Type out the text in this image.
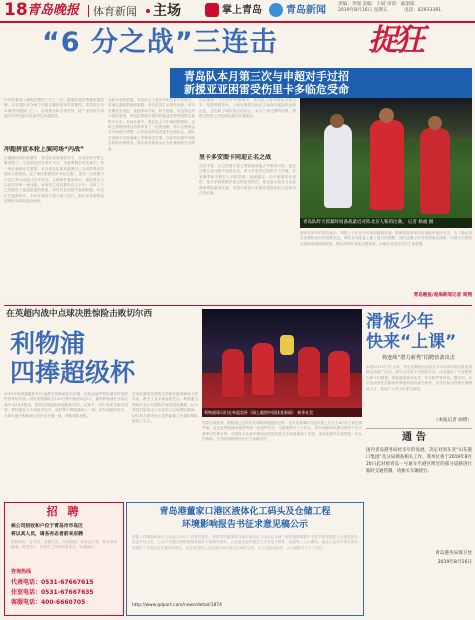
18 青岛晚报 体育新闻 主场	掌上青岛 青岛新闻
责编：李强 美编：王斌 审读：戚朋商
2019年8月16日 星期五	电话：82933391
“6 分之战”三连击	捉狂
青岛队本月第三次与申超对手过招
新援亚亚困雷受伤里卡多临危受命
青岛队昨天抓紧时间备战最近对阵北京人和的比赛。 记者 杨福 摄
中甲联赛进入赛程后期的三分之一后，联赛冲超形势越来越清晰，多支球队争夺两个冲超名额的竞争异常激烈。青岛队作为本赛季冲超热门之一，目前排名积分榜前列，接下来连续与申超对手的同组对抗将决定冲超前景。
冲超拼宣本轮上演同场“内战”
在刚刚结束的联赛中，青岛队客场战胜对手，目前在积分榜上暂列第三，与前两名的分差并不大，本赛季剩余的比赛中，每一场比赛都至关重要。本月青岛队要连续面对三支同样具有冲超实力的球队，这三场比赛被视为“6分之战”，因为一旦获胜不仅自己拿分还能让对手丢分。主教练在赛前表示，球队要全力以赴打好每一场比赛，争取把主动权握在自己手中。全队上下已经做好了迎接挑战的准备，球员们在训练中表现积极，状态正在逐渐回升。本轮比赛将于周六晚上进行，俱乐部希望球迷到现场为球队加油助威。
从积分形势来看，青岛队与上轮对手的分差只有两分，本场比赛如果能够取胜，青岛队将扩大领先优势。对手近期状态出色，连续多场不败，防守稳固，攻击线也有不俗的表现。青岛队需要在保持阵地战优势的同时注意防守反击。本场比赛中，青岛队主力中场因伤缺阵，这给主教练的排兵布阵带来了一定的困难，预计主教练会对中场进行调整，让年轻球员获得更多出场机会。球队在训练中已经演练了多种战术方案，以应对比赛中可能出现的各种情况。俱乐部方面表示会为比赛做好充分准备。
应在赛前三个月的中甲联赛中，青岛队与前列球队分别交手，结果有胜有负。上轮比赛青岛队在主场面对强敌时表现出色，这也给了球队很大的信心。本月三场比赛的结果，将很大程度上决定球队能否冲超成功。
里卡多安图卡同迎正名之战
从技术看，后卫安图卡是主教练赛前重点考察的对象，他在近期几场比赛中表现出色，里卡多是青岛队的主力外援，在本赛季前半程打入多粒进球，表现稳定。由于新援亚亚受伤，里卡多将被赋予更大的进攻责任，他也表示将全力以赴帮助球队赢得比赛。安图卡和里卡多都希望借此机会证明自己的价值。
德甲名单中的球员表示，球队上下正在为比赛积极做准备。教练组要求球员在训练中保持专注，为了能让球员们保持良好的竞技状态，球队在训练量上做了适当的调整，同时加强了针对性的战术演练。比赛当天将有大批球迷到现场观战，俱乐部呼吁球迷文明观赛，为球队营造良好的主场氛围。
青岛晚报/观海新闻记者 周翔
在英超内战中点球决胜惊险击败切尔西
利物浦
四捧超级杯
2019年欧洲超级杯15日凌晨在伊斯坦布尔打响，由欧冠冠军利物浦对阵欧联杯冠军切尔西。两支英超球队在120分钟内战成2比2平，最终利物浦在点球大战中以5比4胜出，第四次捧起欧洲超级杯奖杯。比赛中，切尔西率先取得进球，利物浦在下半场扳平比分，加时赛中利物浦再入一球，切尔西随后扳平。点球大战中利物浦门将扑出关键一球，帮助球队获胜。
这场比赛是英超两支劲旅在欧洲赛场上的对话，吸引了众多球迷的关注。利物浦主帅赛后表示对球队的表现感到满意，认为球员们展现出了出色的斗志和团队精神。切尔西方面则表示虽然输掉了比赛但球队展现了实力。
利物浦球员们在举起奖杯（网上截图中国体育新闻） 新华社发
凭借这场胜利，利物浦已经四次获得欧洲超级杯冠军，在该项赛事的夺冠次数上仅次于AC米兰和巴塞罗那。这也是利物浦本赛季的第一座冠军奖杯，为新赛季开了个好头。切尔西新帅执教后的首个正式赛事以失利告终，但球队在比赛中展现出的进攻能力让球迷看到了希望。本场比赛的主裁判是一名女性裁判，这在欧洲超级杯历史上尚属首次。
滑板少年
快来“上课”
将连续“潜力新秀”招聘营备出击
本报8月15日讯 日前，青岛市滑板运动协会与市体育局联合推出滑板运动推广活动，面向全市青少年招收学员。活动邀请了专业教练为孩子们授课，课程涵盖基本动作、安全防护等内容。据介绍，本次活动旨在发掘培养滑板项目的潜力新秀，为今后参加各级比赛储备人才，欢迎广大青少年报名参加。
（本报记者 曲增）
通告
国内青岛港务局经多年的发展，决定对原东亚“山东港口集团”及分局调查相关工作。我单位将于2019年8月20日起对原青岛一号通车至港区附近的部分道路进行临时交通管制，请相关车辆绕行。
青岛港务局保卫处
2019年8月16日
招 聘
核公司招收和户位于青岛市市岛区
将以其人员，请各有志者前来应聘
招聘岗位：业务员、客服专员、行政助理、财务会计等，要求身体健康，有责任心，有相关工作经验者优先，待遇面议。
咨询热线
代表电话：0531-67667615
住室电话：0531-67667635
客服电话：400-6660705
青岛港董家口港区液体化工码头及仓储工程
环境影响报告书征求意见稿公示
根据《环境影响评价公众参与办法》的有关规定，现将青岛港董家口港区液体化工码头及仓储工程环境影响报告书征求意见稿及公众意见表等信息予以公开，公众可以通过网络链接查阅和下载相关资料，公众意见表的提交方式为电子邮件、信函等。公示期间，欢迎公众对本项目的环境保护工作提出宝贵意见和建议，征求意见的公众范围为项目周边区域的公民、法人和其他组织，公示期限为十个工作日。
http://www.qdport.com/news/detail/1874
